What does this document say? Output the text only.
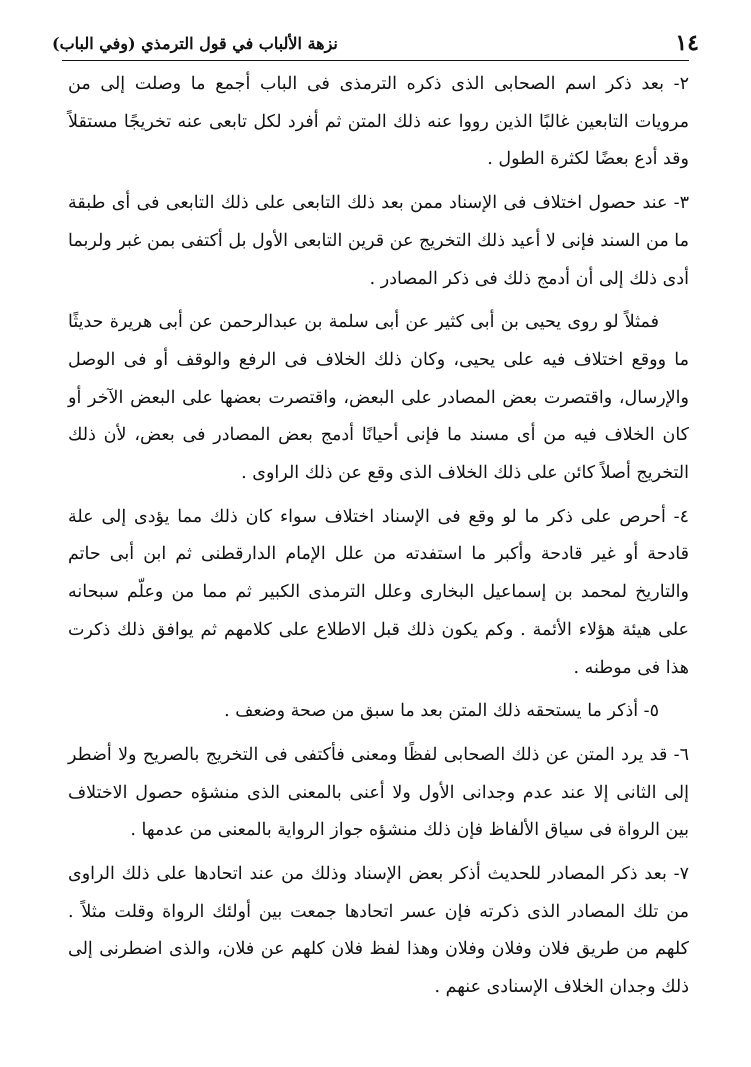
١٤
نزهة الألباب في قول الترمذي (وفي الباب)

٢- بعد ذكر اسم الصحابى الذى ذكره الترمذى فى الباب أجمع ما وصلت إلى من مرويات التابعين غالبًا الذين رووا عنه ذلك المتن ثم أفرد لكل تابعى عنه تخريجًا مستقلاً وقد أدع بعضًا لكثرة الطول .

٣- عند حصول اختلاف فى الإسناد ممن بعد ذلك التابعى على ذلك التابعى فى أى طبقة ما من السند فإنى لا أعيد ذلك التخريج عن قرين التابعى الأول بل أكتفى بمن غبر ولربما أدى ذلك إلى أن أدمج ذلك فى ذكر المصادر .

فمثلاً لو روى يحيى بن أبى كثير عن أبى سلمة بن عبدالرحمن عن أبى هريرة حديثًا ما ووقع اختلاف فيه على يحيى، وكان ذلك الخلاف فى الرفع والوقف أو فى الوصل والإرسال، واقتصرت بعض المصادر على البعض، واقتصرت بعضها على البعض الآخر أو كان الخلاف فيه من أى مسند ما فإنى أحيانًا أدمج بعض المصادر فى بعض، لأن ذلك التخريج أصلاً كائن على ذلك الخلاف الذى وقع عن ذلك الراوى .

٤- أحرص على ذكر ما لو وقع فى الإسناد اختلاف سواء كان ذلك مما يؤدى إلى علة قادحة أو غير قادحة وأكبر ما استفدته من علل الإمام الدارقطنى ثم ابن أبى حاتم والتاريخ لمحمد بن إسماعيل البخارى وعلل الترمذى الكبير ثم مما من وعلّم سبحانه على هيئة هؤلاء الأئمة . وكم يكون ذلك قبل الاطلاع على كلامهم ثم يوافق ذلك ذكرت هذا فى موطنه .

٥- أذكر ما يستحقه ذلك المتن بعد ما سبق من صحة وضعف .

٦- قد يرد المتن عن ذلك الصحابى لفظًا ومعنى فأكتفى فى التخريج بالصريح ولا أضطر إلى الثانى إلا عند عدم وجدانى الأول ولا أعنى بالمعنى الذى منشؤه حصول الاختلاف بين الرواة فى سياق الألفاظ فإن ذلك منشؤه جواز الرواية بالمعنى من عدمها .

٧- بعد ذكر المصادر للحديث أذكر بعض الإسناد وذلك من عند اتحادها على ذلك الراوى من تلك المصادر الذى ذكرته فإن عسر اتحادها جمعت بين أولئك الرواة وقلت مثلاً . كلهم من طريق فلان وفلان وفلان وهذا لفظ فلان كلهم عن فلان، والذى اضطرنى إلى ذلك وجدان الخلاف الإسنادى عنهم .
